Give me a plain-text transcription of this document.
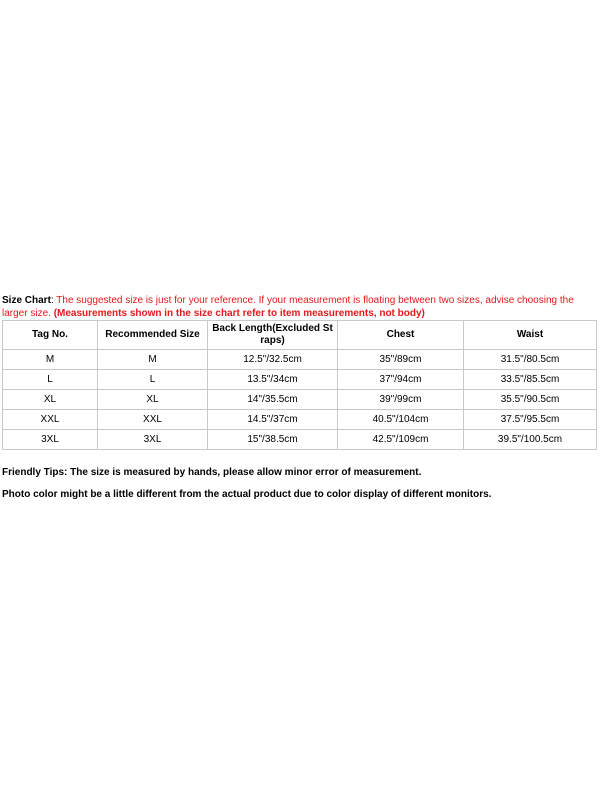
Size Chart: The suggested size is just for your reference. If your measurement is floating between two sizes, advise choosing the larger size. (Measurements shown in the size chart refer to item measurements, not body)
Tag No.	Recommended Size	Back Length(Excluded St raps)	Chest	Waist
M	M	12.5"/32.5cm	35"/89cm	31.5"/80.5cm
L	L	13.5"/34cm	37"/94cm	33.5"/85.5cm
XL	XL	14"/35.5cm	39"/99cm	35.5"/90.5cm
XXL	XXL	14.5"/37cm	40.5"/104cm	37.5"/95.5cm
3XL	3XL	15"/38.5cm	42.5"/109cm	39.5"/100.5cm
Friendly Tips: The size is measured by hands, please allow minor error of measurement.
Photo color might be a little different from the actual product due to color display of different monitors.
